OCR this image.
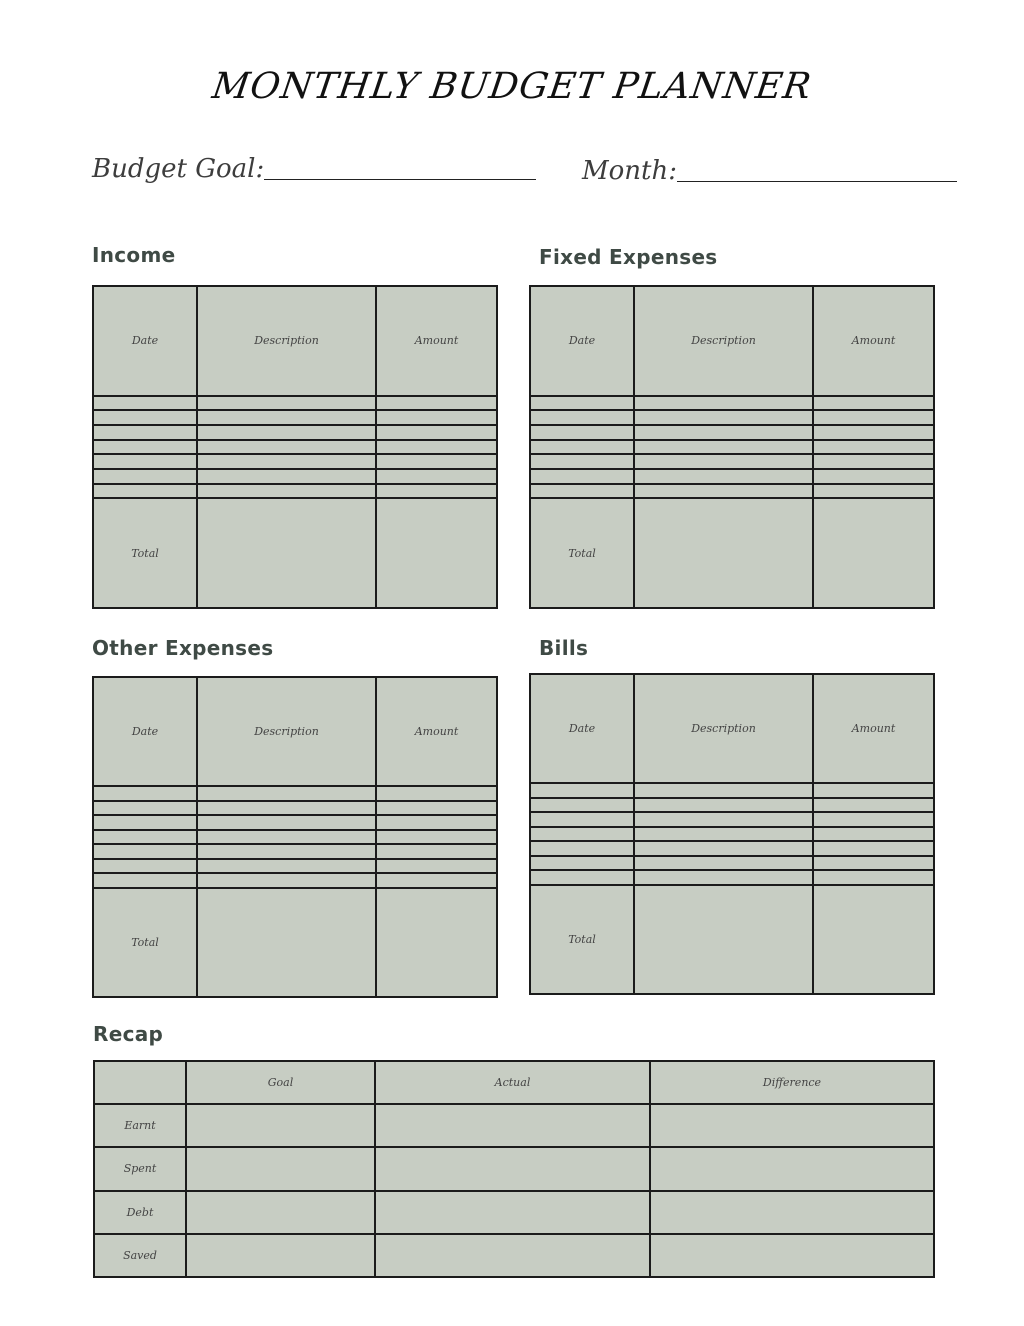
MONTHLY BUDGET PLANNER
Budget Goal:	Month:
Income	Fixed Expenses
Other Expenses	Bills
Recap
Date	Description	Amount

Total		
Date	Description	Amount

Total		
Date	Description	Amount

Total		
Date	Description	Amount

Total		
	Goal	Actual	Difference
Earnt			
Spent			
Debt			
Saved			
